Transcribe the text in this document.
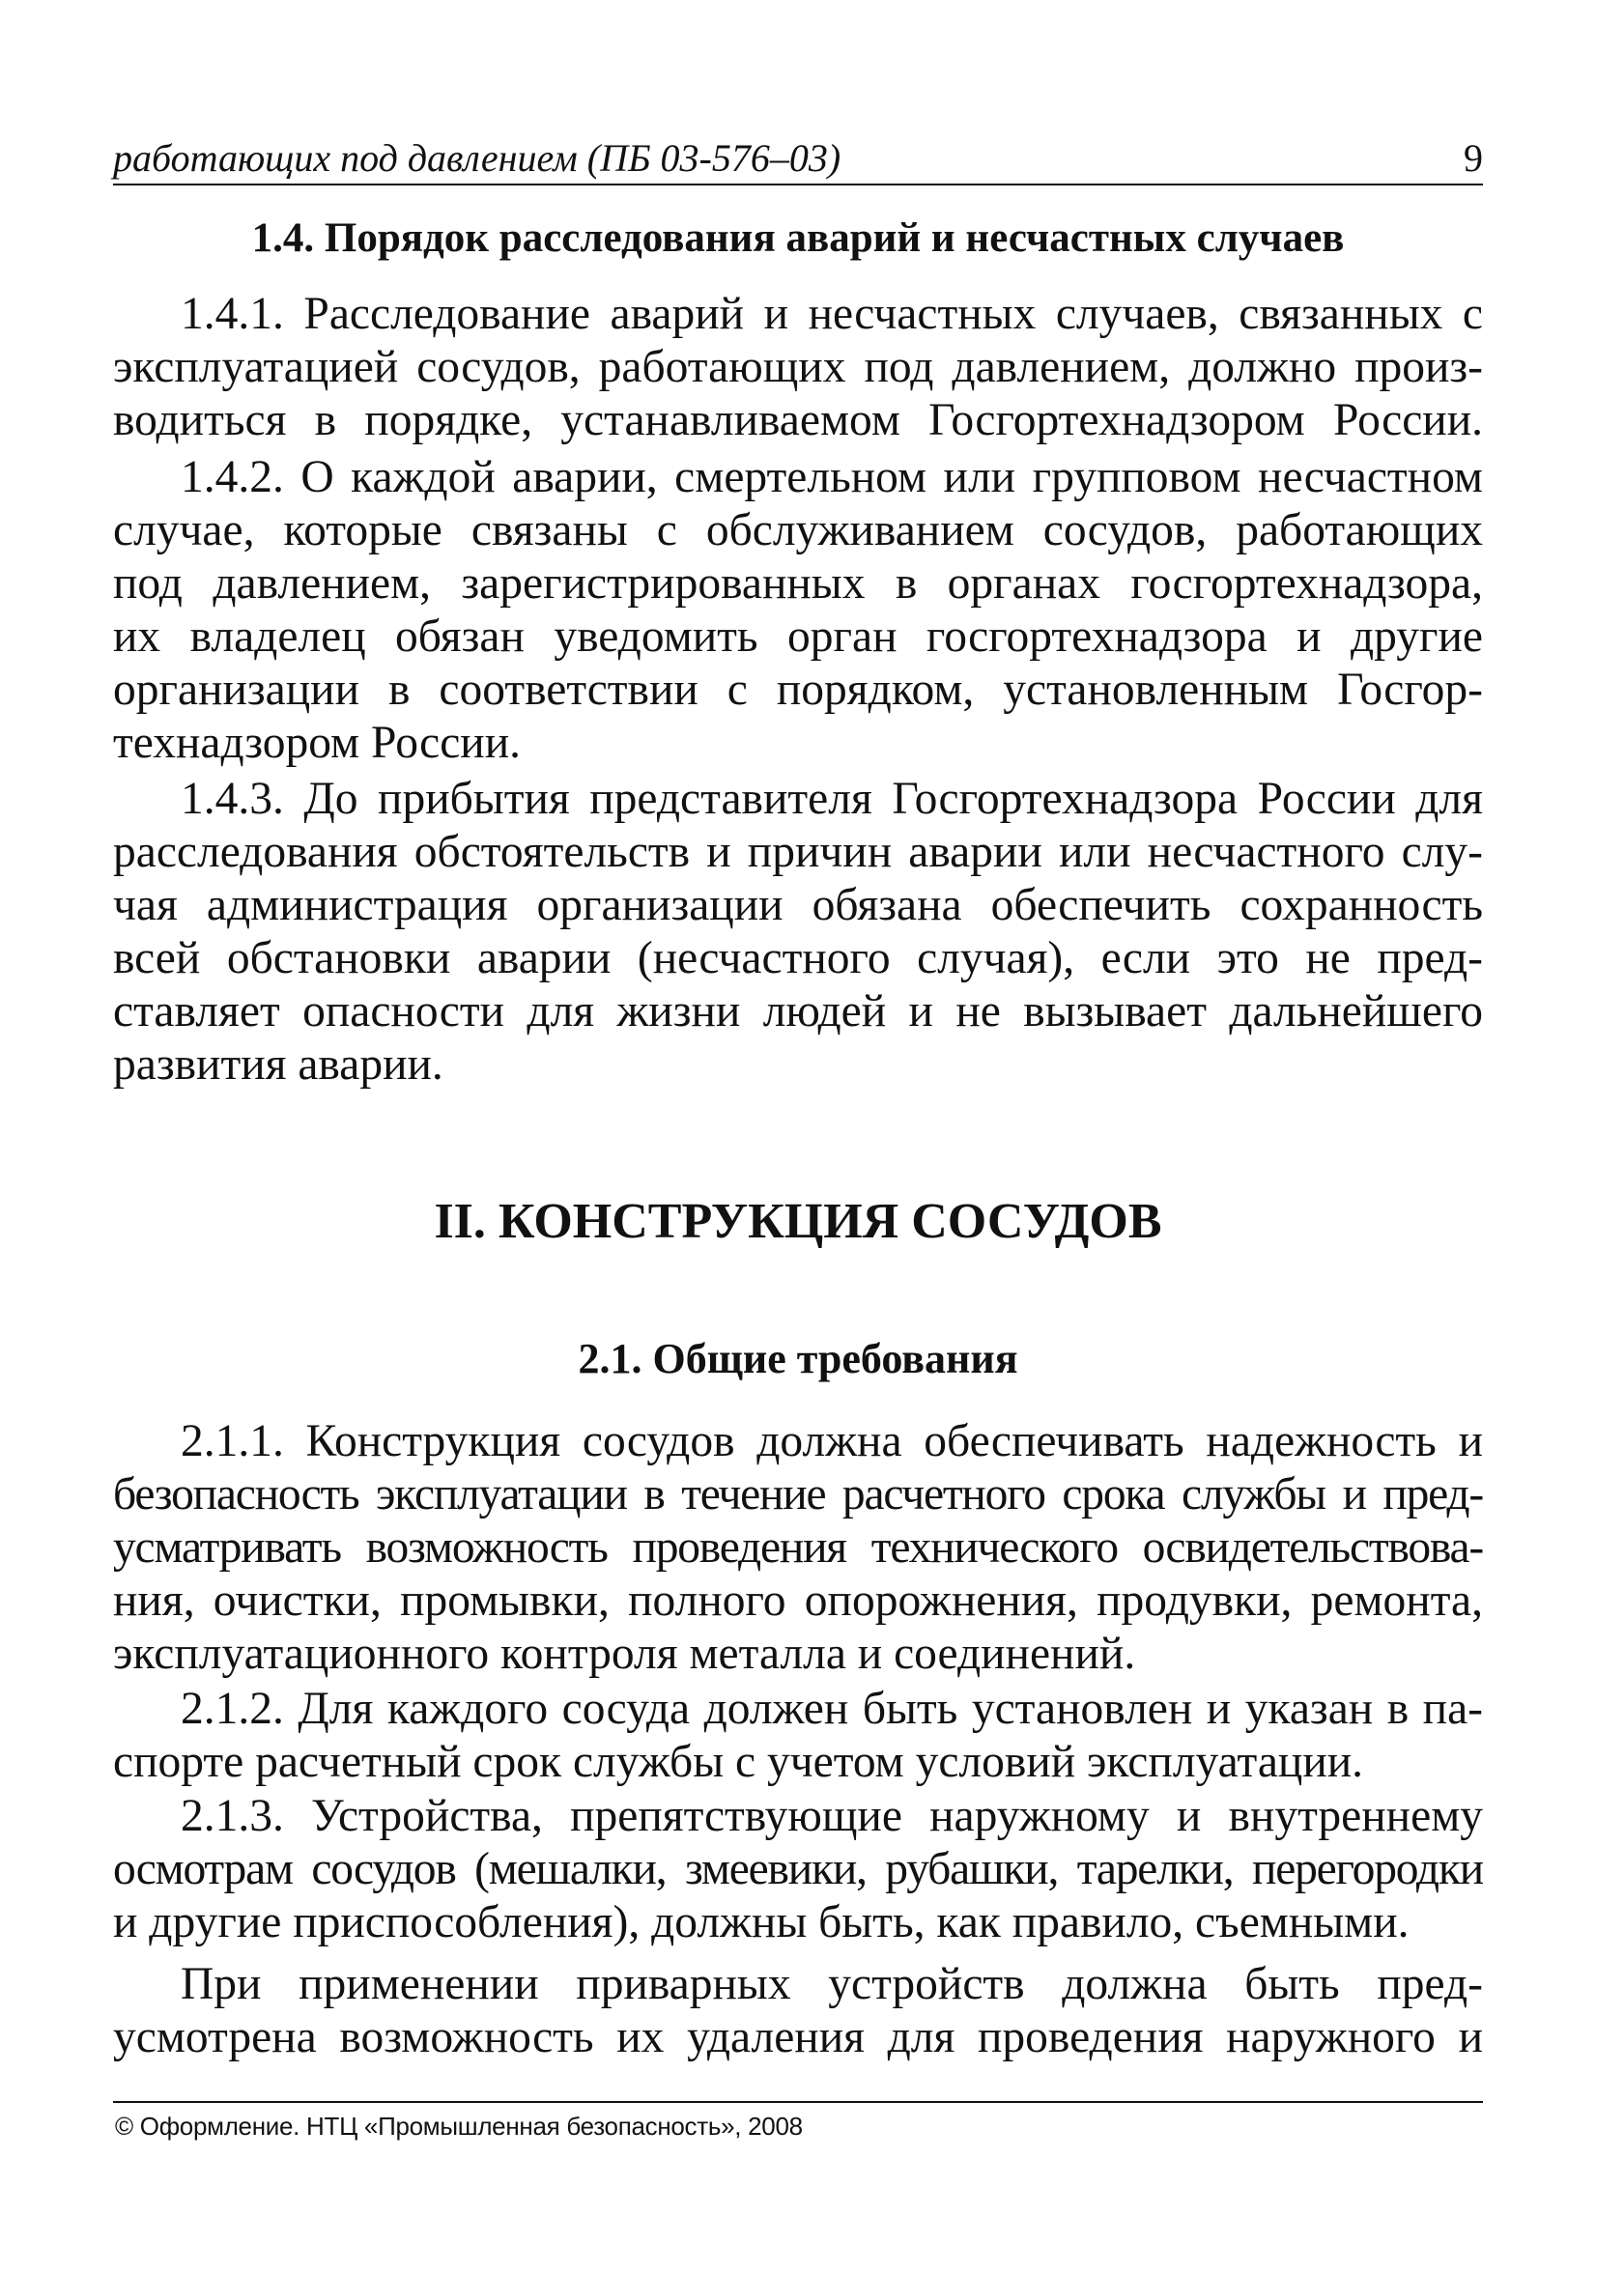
работающих под давлением (ПБ 03-576–03)	9
1.4. Порядок расследования аварий и несчастных случаев
1.4.1. Расследование аварий и несчастных случаев, связанных с
эксплуатацией сосудов, работающих под давлением, должно произ-
водиться в порядке, устанавливаемом Госгортехнадзором России.
1.4.2. О каждой аварии, смертельном или групповом несчастном
случае, которые связаны с обслуживанием сосудов, работающих
под давлением, зарегистрированных в органах госгортехнадзора,
их владелец обязан уведомить орган госгортехнадзора и другие
организации в соответствии с порядком, установленным Госгор-
технадзором России.
1.4.3. До прибытия представителя Госгортехнадзора России для
расследования обстоятельств и причин аварии или несчастного слу-
чая администрация организации обязана обеспечить сохранность
всей обстановки аварии (несчастного случая), если это не пред-
ставляет опасности для жизни людей и не вызывает дальнейшего
развития аварии.
II. КОНСТРУКЦИЯ СОСУДОВ
2.1. Общие требования
2.1.1. Конструкция сосудов должна обеспечивать надежность и
безопасность эксплуатации в течение расчетного срока службы и пред-
усматривать возможность проведения технического освидетельствова-
ния, очистки, промывки, полного опорожнения, продувки, ремонта,
эксплуатационного контроля металла и соединений.
2.1.2. Для каждого сосуда должен быть установлен и указан в па-
спорте расчетный срок службы с учетом условий эксплуатации.
2.1.3. Устройства, препятствующие наружному и внутреннему
осмотрам сосудов (мешалки, змеевики, рубашки, тарелки, перегородки
и другие приспособления), должны быть, как правило, съемными.
При применении приварных устройств должна быть пред-
усмотрена возможность их удаления для проведения наружного и
© Оформление. НТЦ «Промышленная безопасность», 2008
